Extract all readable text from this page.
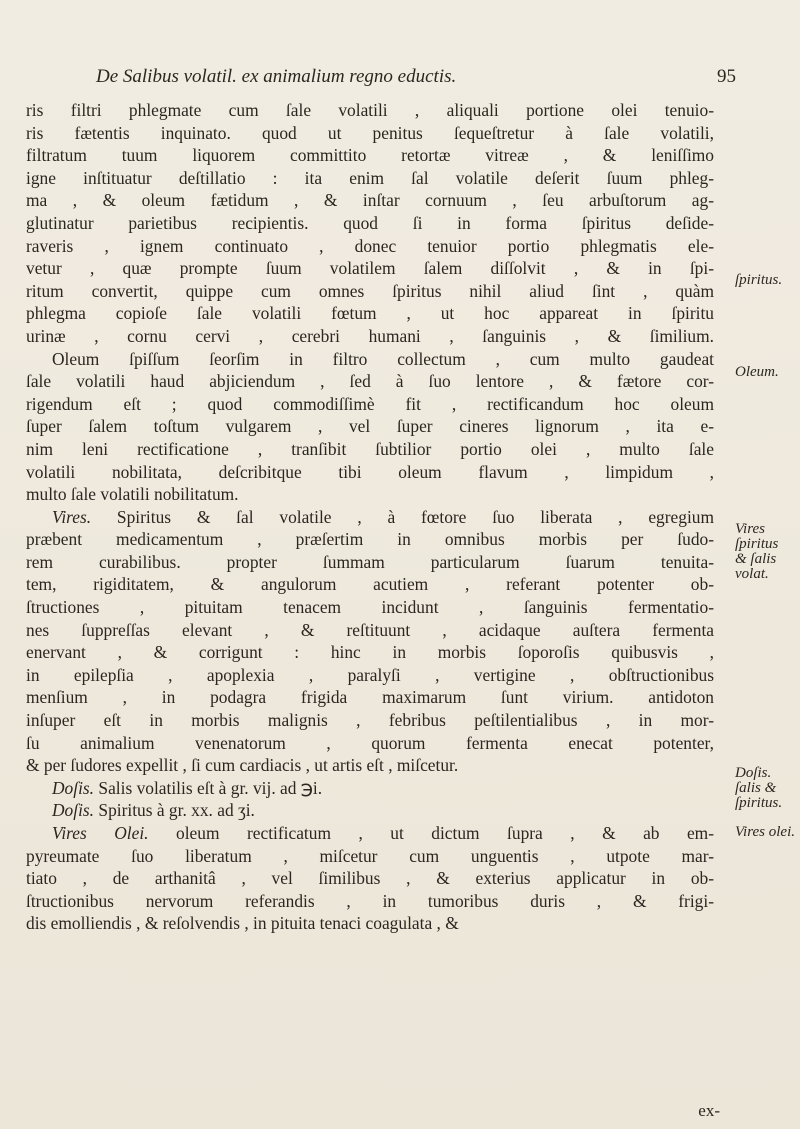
De Salibus volatil. ex animalium regno eductis.	95
ris filtri phlegmate cum ſale volatili , aliquali portione olei tenuio-
ris fætentis inquinato. quod ut penitus ſequeſtretur à ſale volatili,
filtratum tuum liquorem committito retortæ vitreæ , & leniſſimo
igne inſtituatur deſtillatio : ita enim ſal volatile deſerit ſuum phleg-
ma , & oleum fætidum , & inſtar cornuum , ſeu arbuſtorum ag-
glutinatur parietibus recipientis. quod ſi in forma ſpiritus deſide-
raveris , ignem continuato , donec tenuior portio phlegmatis ele-
vetur , quæ prompte ſuum volatilem ſalem diſſolvit , & in ſpi-
ritum convertit, quippe cum omnes ſpiritus nihil aliud ſint , quàm
phlegma copioſe ſale volatili fœtum , ut hoc appareat in ſpiritu
urinæ , cornu cervi , cerebri humani , ſanguinis , & ſimilium.
Oleum ſpiſſum ſeorſim in filtro collectum , cum multo gaudeat
ſale volatili haud abjiciendum , ſed à ſuo lentore , & fætore cor-
rigendum eſt ; quod commodiſſimè fit , rectificandum hoc oleum
ſuper ſalem toſtum vulgarem , vel ſuper cineres lignorum , ita e-
nim leni rectificatione , tranſibit ſubtilior portio olei , multo ſale
volatili nobilitata, deſcribitque tibi oleum flavum , limpidum ,
multo ſale volatili nobilitatum.
Vires. Spiritus & ſal volatile , à fœtore ſuo liberata , egregium
præbent medicamentum , præſertim in omnibus morbis per ſudo-
rem curabilibus. propter ſummam particularum ſuarum tenuita-
tem, rigiditatem, & angulorum acutiem , referant potenter ob-
ſtructiones , pituitam tenacem incidunt , ſanguinis fermentatio-
nes ſuppreſſas elevant , & reſtituunt , acidaque auſtera fermenta
enervant , & corrigunt : hinc in morbis ſoporoſis quibusvis ,
in epilepſia , apoplexia , paralyſi , vertigine , obſtructionibus
menſium , in podagra frigida maximarum ſunt virium. antidoton
inſuper eſt in morbis malignis , febribus peſtilentialibus , in mor-
ſu animalium venenatorum , quorum fermenta enecat potenter,
& per ſudores expellit , ſi cum cardiacis , ut artis eſt , miſcetur.
Doſis. Salis volatilis eſt à gr. vij. ad ℈i.
Doſis. Spiritus à gr. xx. ad ʒi.
Vires Olei. oleum rectificatum , ut dictum ſupra , & ab em-
pyreumate ſuo liberatum , miſcetur cum unguentis , utpote mar-
tiato , de arthanitâ , vel ſimilibus , & exterius applicatur in ob-
ſtructionibus nervorum referandis , in tumoribus duris , & frigi-
dis emolliendis , & reſolvendis , in pituita tenaci coagulata , &
ſpiritus.
Oleum.
Vires
ſpiritus
& ſalis
volat.
Doſis.
ſalis &
ſpiritus.
Vires olei.
ex-
